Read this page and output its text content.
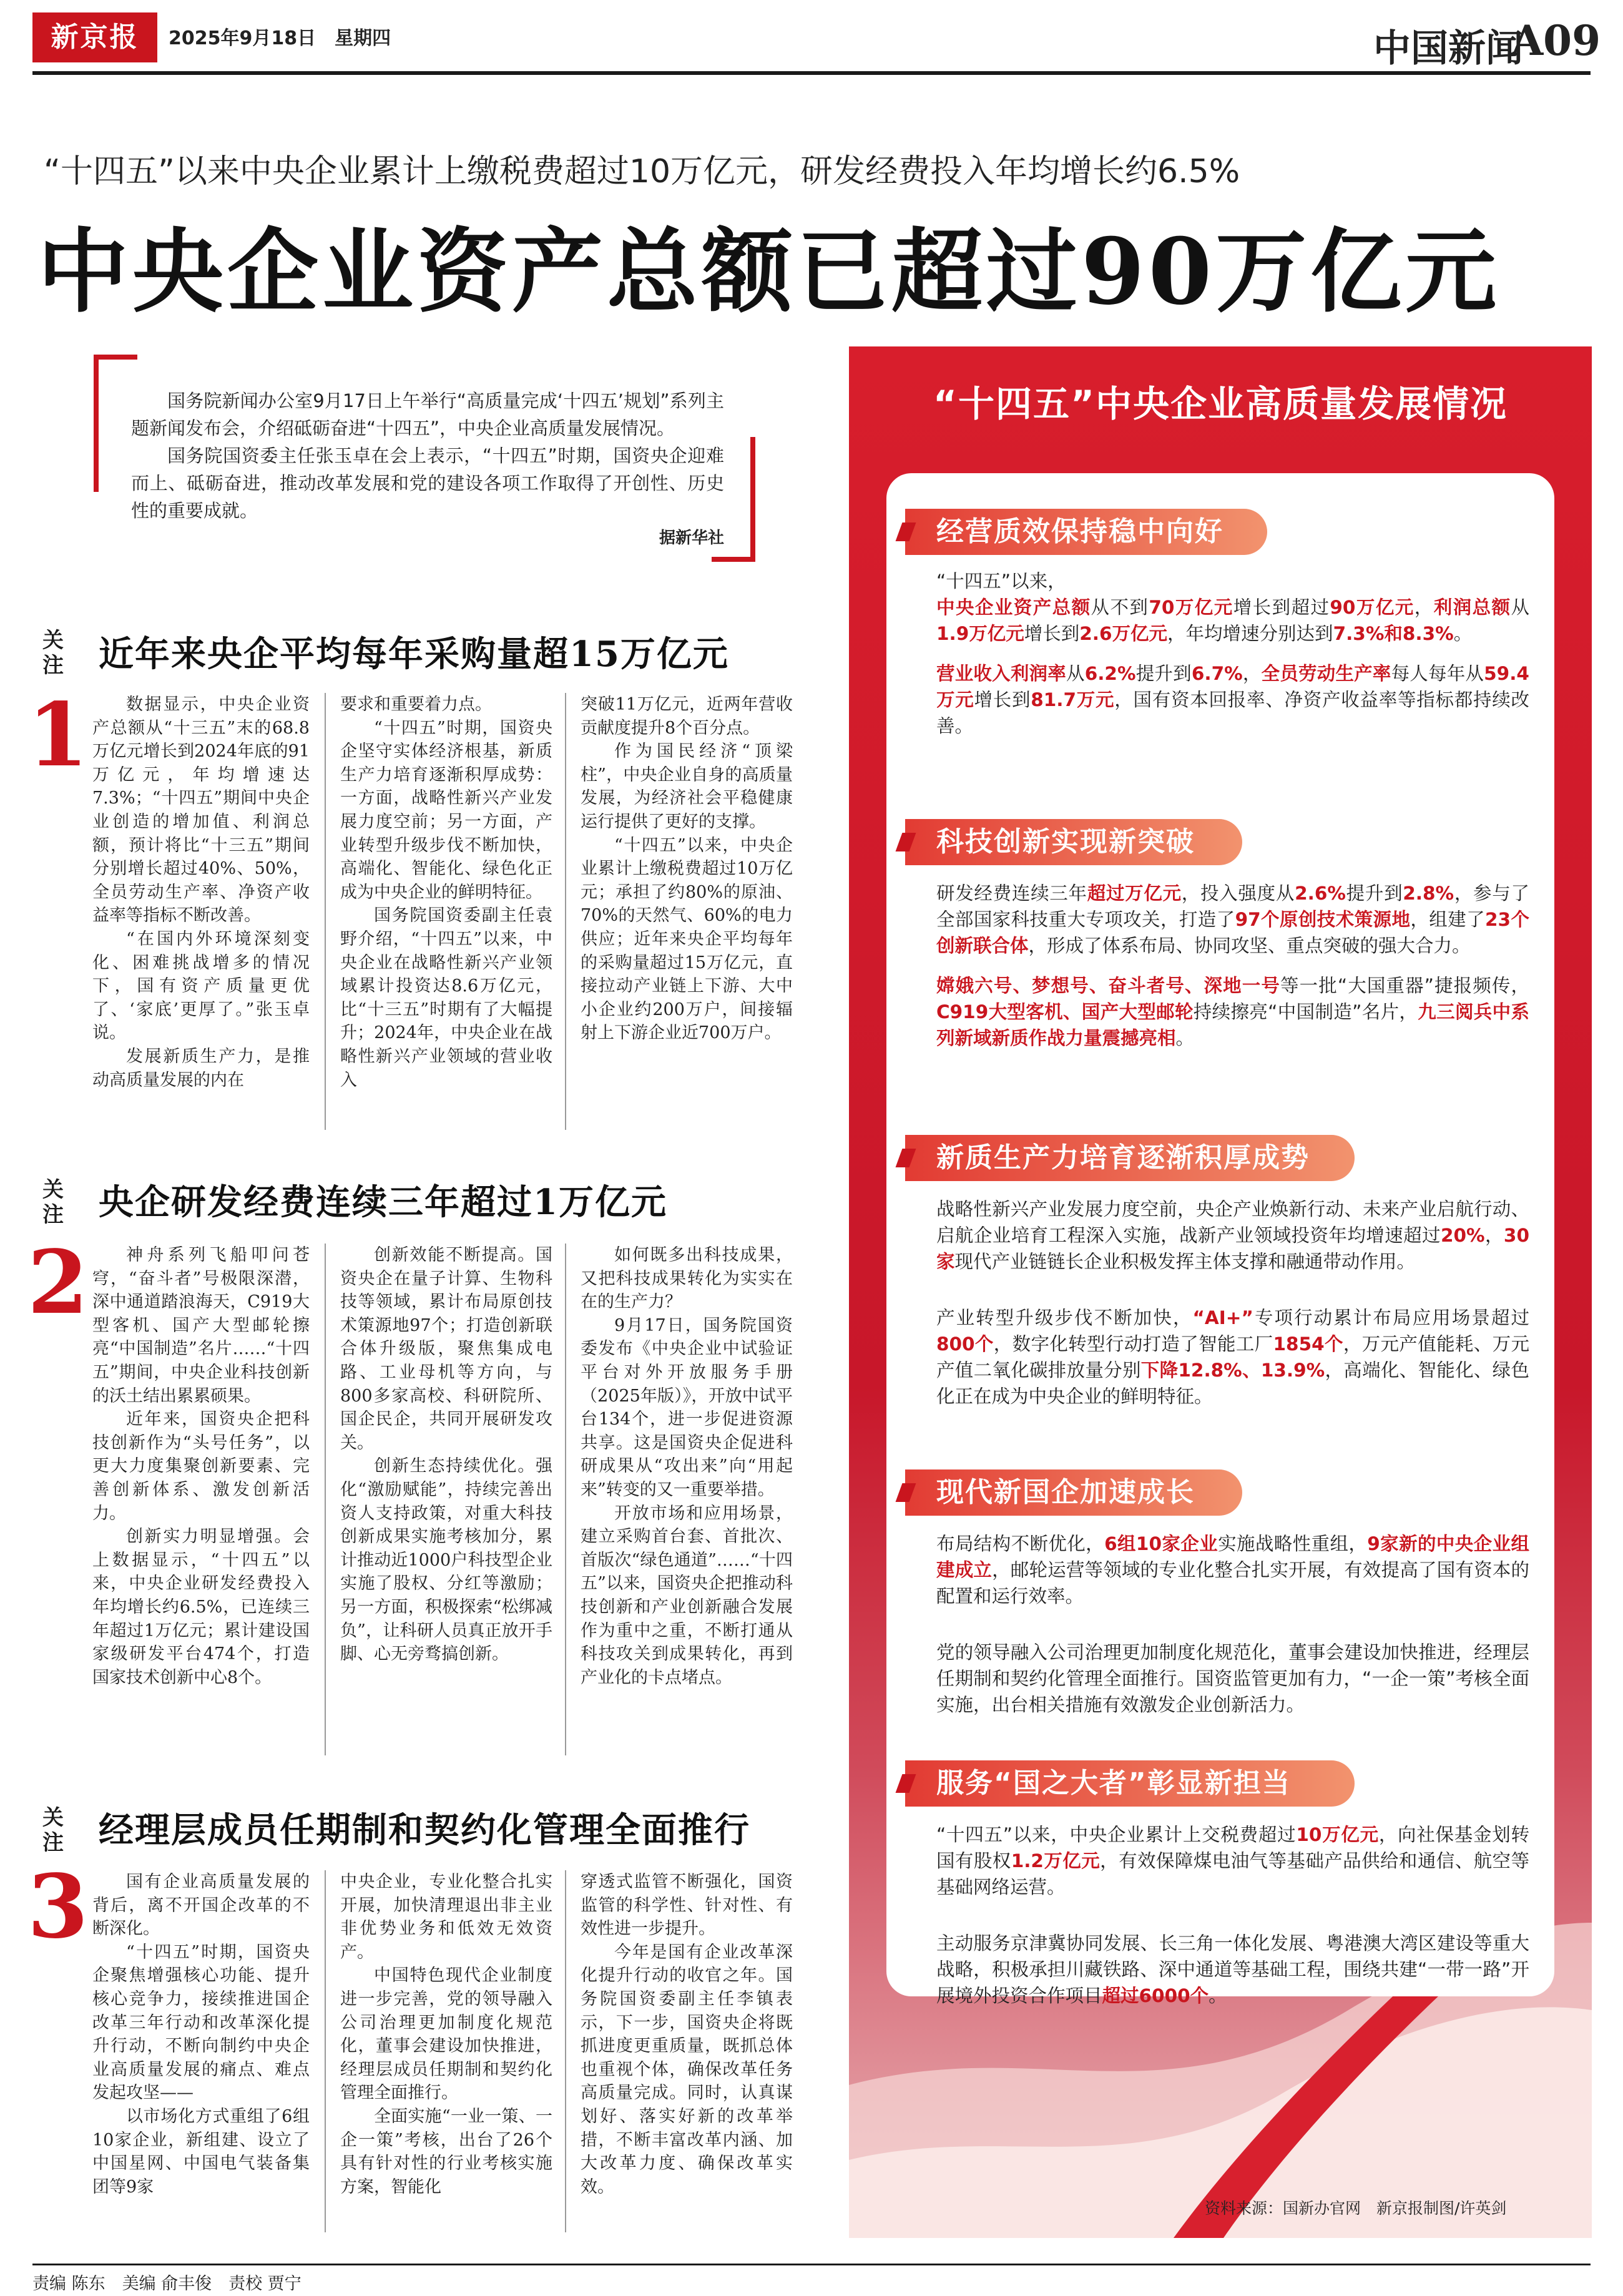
新京报	2025年9月18日　星期四	中国新闻
A09
“十四五”以来中央企业累计上缴税费超过10万亿元，研发经费投入年均增长约6.5%
中央企业资产总额已超过90万亿元

国务院新闻办公室9月17日上午举行“高质量完成‘十四五’规划”系列主题新闻发布会，介绍砥砺奋进“十四五”，中央企业高质量发展情况。

国务院国资委主任张玉卓在会上表示，“十四五”时期，国资央企迎难而上、砥砺奋进，推动改革发展和党的建设各项工作取得了开创性、历史性的重要成就。

据新华社

关注
1
近年来央企平均每年采购量超15万亿元

数据显示，中央企业资产总额从“十三五”末的68.8万亿元增长到2024年底的91万亿元，年均增速达7.3%；“十四五”期间中央企业创造的增加值、利润总额，预计将比“十三五”期间分别增长超过40%、50%，全员劳动生产率、净资产收益率等指标不断改善。

“在国内外环境深刻变化、困难挑战增多的情况下，国有资产质量更优了、‘家底’更厚了。”张玉卓说。

发展新质生产力，是推动高质量发展的内在

要求和重要着力点。

“十四五”时期，国资央企坚守实体经济根基，新质生产力培育逐渐积厚成势：一方面，战略性新兴产业发展力度空前；另一方面，产业转型升级步伐不断加快，高端化、智能化、绿色化正成为中央企业的鲜明特征。

国务院国资委副主任袁野介绍，“十四五”以来，中央企业在战略性新兴产业领域累计投资达8.6万亿元，比“十三五”时期有了大幅提升；2024年，中央企业在战略性新兴产业领域的营业收入

突破11万亿元，近两年营收贡献度提升8个百分点。

作为国民经济“顶梁柱”，中央企业自身的高质量发展，为经济社会平稳健康运行提供了更好的支撑。

“十四五”以来，中央企业累计上缴税费超过10万亿元；承担了约80%的原油、70%的天然气、60%的电力供应；近年来央企平均每年的采购量超过15万亿元，直接拉动产业链上下游、大中小企业约200万户，间接辐射上下游企业近700万户。

关注
2
央企研发经费连续三年超过1万亿元

神舟系列飞船叩问苍穹，“奋斗者”号极限深潜，深中通道踏浪海天，C919大型客机、国产大型邮轮擦亮“中国制造”名片……“十四五”期间，中央企业科技创新的沃土结出累累硕果。

近年来，国资央企把科技创新作为“头号任务”，以更大力度集聚创新要素、完善创新体系、激发创新活力。

创新实力明显增强。会上数据显示，“十四五”以来，中央企业研发经费投入年均增长约6.5%，已连续三年超过1万亿元；累计建设国家级研发平台474个，打造国家技术创新中心8个。

创新效能不断提高。国资央企在量子计算、生物科技等领域，累计布局原创技术策源地97个；打造创新联合体升级版，聚焦集成电路、工业母机等方向，与800多家高校、科研院所、国企民企，共同开展研发攻关。

创新生态持续优化。强化“激励赋能”，持续完善出资人支持政策，对重大科技创新成果实施考核加分，累计推动近1000户科技型企业实施了股权、分红等激励；另一方面，积极探索“松绑减负”，让科研人员真正放开手脚、心无旁骛搞创新。

如何既多出科技成果，又把科技成果转化为实实在在的生产力？

9月17日，国务院国资委发布《中央企业中试验证平台对外开放服务手册（2025年版）》，开放中试平台134个，进一步促进资源共享。这是国资央企促进科研成果从“攻出来”向“用起来”转变的又一重要举措。

开放市场和应用场景，建立采购首台套、首批次、首版次“绿色通道”……“十四五”以来，国资央企把推动科技创新和产业创新融合发展作为重中之重，不断打通从科技攻关到成果转化，再到产业化的卡点堵点。

关注
3
经理层成员任期制和契约化管理全面推行

国有企业高质量发展的背后，离不开国企改革的不断深化。

“十四五”时期，国资央企聚焦增强核心功能、提升核心竞争力，接续推进国企改革三年行动和改革深化提升行动，不断向制约中央企业高质量发展的痛点、难点发起攻坚——

以市场化方式重组了6组10家企业，新组建、设立了中国星网、中国电气装备集团等9家

中央企业，专业化整合扎实开展，加快清理退出非主业非优势业务和低效无效资产。

中国特色现代企业制度进一步完善，党的领导融入公司治理更加制度化规范化，董事会建设加快推进，经理层成员任期制和契约化管理全面推行。

全面实施“一业一策、一企一策”考核，出台了26个具有针对性的行业考核实施方案，智能化

穿透式监管不断强化，国资监管的科学性、针对性、有效性进一步提升。

今年是国有企业改革深化提升行动的收官之年。国务院国资委副主任李镇表示，下一步，国资央企将既抓进度更重质量，既抓总体也重视个体，确保改革任务高质量完成。同时，认真谋划好、落实好新的改革举措，不断丰富改革内涵、加大改革力度、确保改革实效。

“十四五”中央企业高质量发展情况
经营质效保持稳中向好
“十四五”以来，
中央企业资产总额从不到70万亿元增长到超过90万亿元，利润总额从1.9万亿元增长到2.6万亿元，年均增速分别达到7.3%和8.3%。
营业收入利润率从6.2%提升到6.7%，全员劳动生产率每人每年从59.4万元增长到81.7万元，国有资本回报率、净资产收益率等指标都持续改善。
科技创新实现新突破
研发经费连续三年超过万亿元，投入强度从2.6%提升到2.8%，参与了全部国家科技重大专项攻关，打造了97个原创技术策源地，组建了23个创新联合体，形成了体系布局、协同攻坚、重点突破的强大合力。
嫦娥六号、梦想号、奋斗者号、深地一号等一批“大国重器”捷报频传，C919大型客机、国产大型邮轮持续擦亮“中国制造”名片，九三阅兵中系列新域新质作战力量震撼亮相。
新质生产力培育逐渐积厚成势
战略性新兴产业发展力度空前，央企产业焕新行动、未来产业启航行动、启航企业培育工程深入实施，战新产业领域投资年均增速超过20%，30家现代产业链链长企业积极发挥主体支撑和融通带动作用。
产业转型升级步伐不断加快，“AI+”专项行动累计布局应用场景超过800个，数字化转型行动打造了智能工厂1854个，万元产值能耗、万元产值二氧化碳排放量分别下降12.8%、13.9%，高端化、智能化、绿色化正在成为中央企业的鲜明特征。
现代新国企加速成长
布局结构不断优化，6组10家企业实施战略性重组，9家新的中央企业组建成立，邮轮运营等领域的专业化整合扎实开展，有效提高了国有资本的配置和运行效率。
党的领导融入公司治理更加制度化规范化，董事会建设加快推进，经理层任期制和契约化管理全面推行。国资监管更加有力，“一企一策”考核全面实施，出台相关措施有效激发企业创新活力。
服务“国之大者”彰显新担当
“十四五”以来，中央企业累计上交税费超过10万亿元，向社保基金划转国有股权1.2万亿元，有效保障煤电油气等基础产品供给和通信、航空等基础网络运营。
主动服务京津冀协同发展、长三角一体化发展、粤港澳大湾区建设等重大战略，积极承担川藏铁路、深中通道等基础工程，围绕共建“一带一路”开展境外投资合作项目超过6000个。
资料来源：国新办官网　新京报制图/许英剑
责编 陈东　美编 俞丰俊　责校 贾宁
